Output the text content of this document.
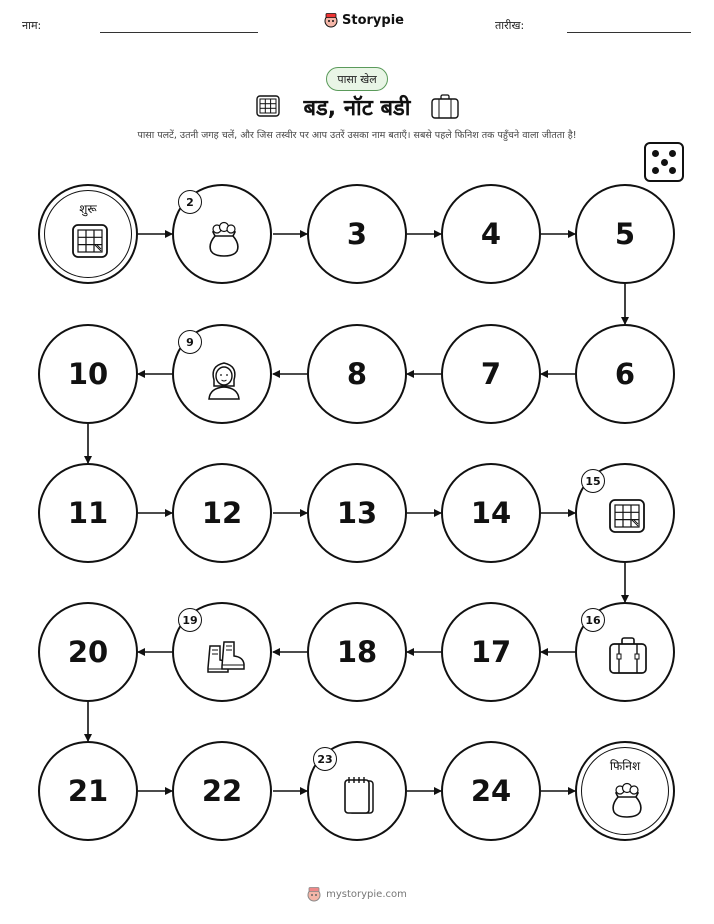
नाम:	Storypie	तारीख:
पासा खेल
बड, नॉट बडी
पासा पलटें, उतनी जगह चलें, और जिस तस्वीर पर आप उतरें उसका नाम बताएँ। सबसे पहले फिनिश तक पहुँचने वाला जीतता है!
शुरू	2
3	4	5
6
7
8
9
10
11	12	13	14
15
16
17
18
19
20
21	22
23
24
फिनिश
mystorypie.com
